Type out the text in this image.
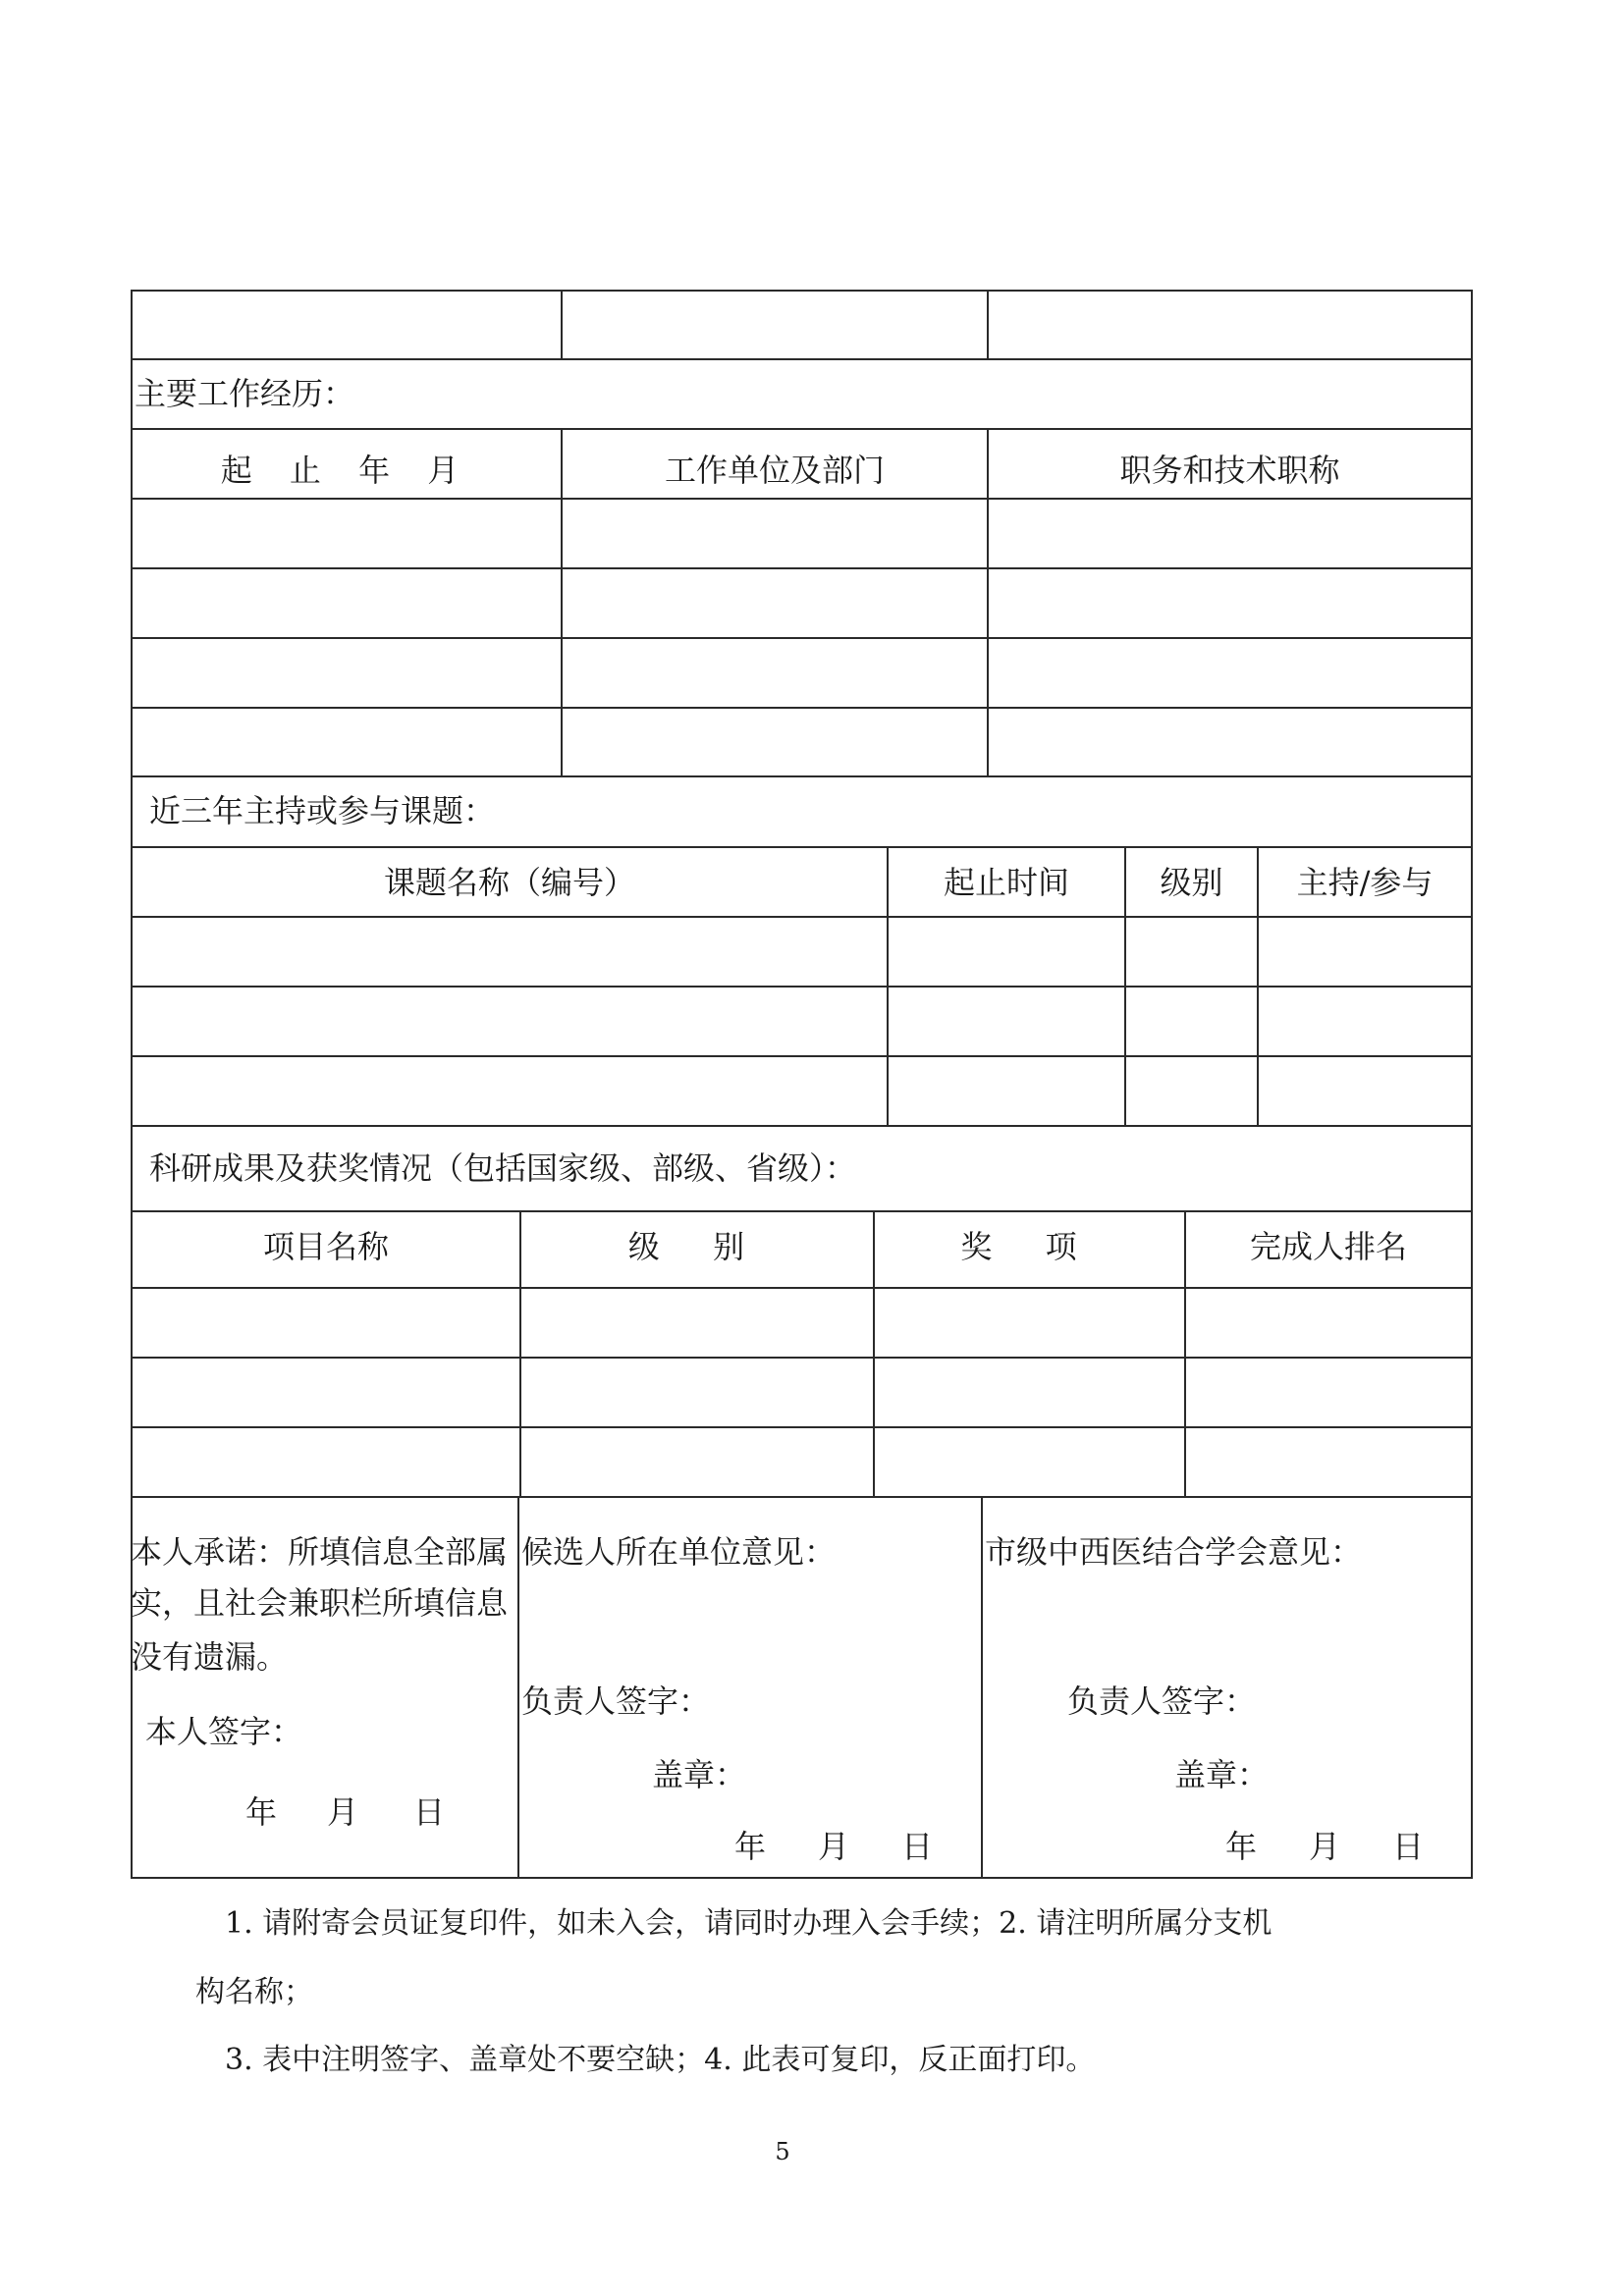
主要工作经历：
起 止 年 月	工作单位及部门	职务和技术职称
近三年主持或参与课题：
课题名称（编号）	起止时间	级别	主持/参与
科研成果及获奖情况（包括国家级、部级、省级）：
项目名称	级 别	奖 项	完成人排名
本人承诺：所填信息全部属
实，且社会兼职栏所填信息
没有遗漏。
本人签字：
年 月 日
候选人所在单位意见：
负责人签字：
盖章：
年 月 日
市级中西医结合学会意见：
负责人签字：
盖章：
年 月 日
1. 请附寄会员证复印件，如未入会，请同时办理入会手续；2. 请注明所属分支机
构名称；
3. 表中注明签字、盖章处不要空缺；4. 此表可复印，反正面打印。
5
